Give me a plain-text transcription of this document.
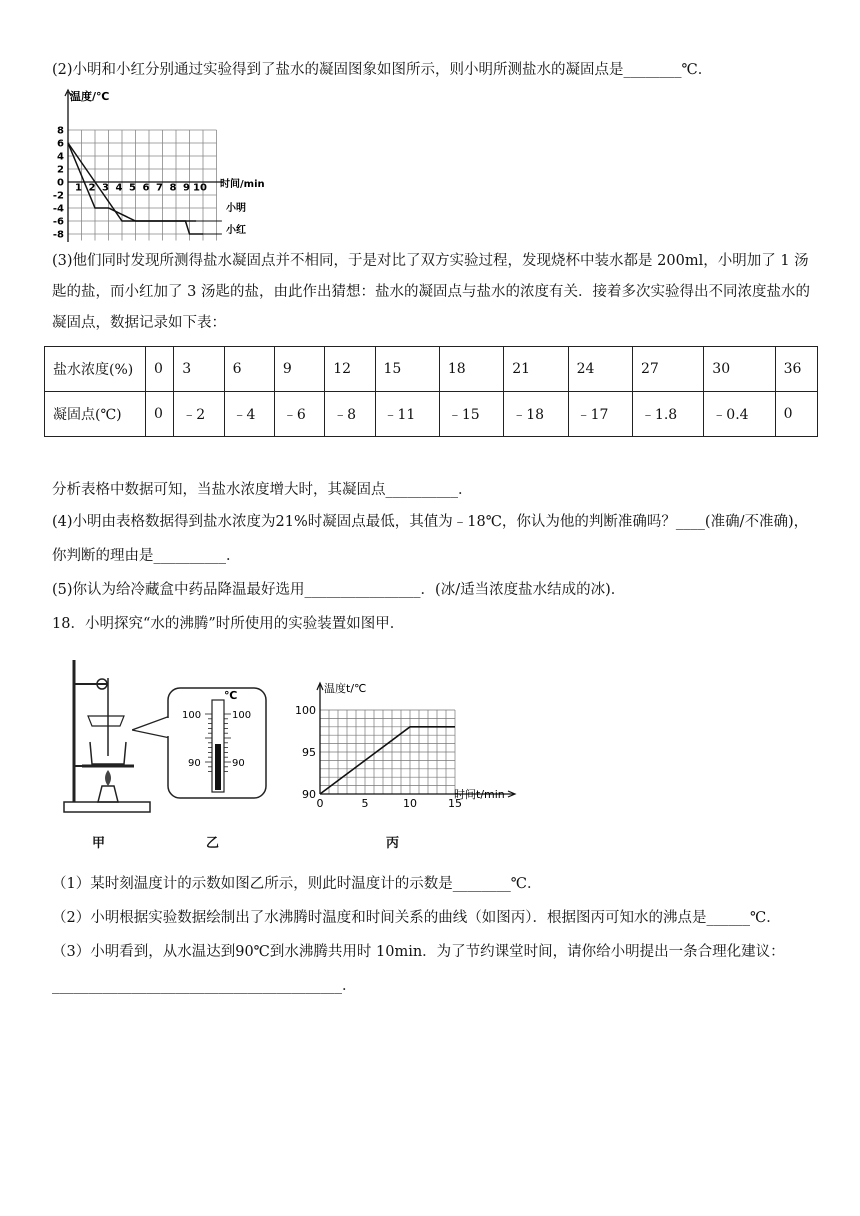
(2)小明和小红分别通过实验得到了盐水的凝固图象如图所示，则小明所测盐水的凝固点是________℃．
8
6
4
2
0
-2
-4
-6
-8
1 2 3 4 5 6 7 8 9 10
温度/℃
时间/min
小明
小红
(3)他们同时发现所测得盐水凝固点并不相同，于是对比了双方实验过程，发现烧杯中装水都是 200ml，小明加了 1 汤匙的盐，而小红加了 3 汤匙的盐，由此作出猜想：盐水的凝固点与盐水的浓度有关．接着多次实验得出不同浓度盐水的凝固点，数据记录如下表：
盐水浓度(%)	0	3	6	9	12	15	18	21	24	27	30	36
凝固点(℃)	0	﹣2	﹣4	﹣6	﹣8	﹣11	﹣15	﹣18	﹣17	﹣1.8	﹣0.4	0
分析表格中数据可知，当盐水浓度增大时，其凝固点__________．
(4)小明由表格数据得到盐水浓度为21%时凝固点最低，其值为﹣18℃，你认为他的判断准确吗？____(准确/不准确)，
你判断的理由是__________．
(5)你认为给冷藏盒中药品降温最好选用________________．(冰/适当浓度盐水结成的冰)．
18．小明探究“水的沸腾”时所使用的实验装置如图甲．
℃
100	100
90	90
100
95
90
0	5	10	15
温度t/℃
时间t/min
甲	乙	丙
（1）某时刻温度计的示数如图乙所示，则此时温度计的示数是________℃．
（2）小明根据实验数据绘制出了水沸腾时温度和时间关系的曲线（如图丙）．根据图丙可知水的沸点是______℃．
（3）小明看到，从水温达到90℃到水沸腾共用时 10min．为了节约课堂时间，请你给小明提出一条合理化建议：
________________________________________．
